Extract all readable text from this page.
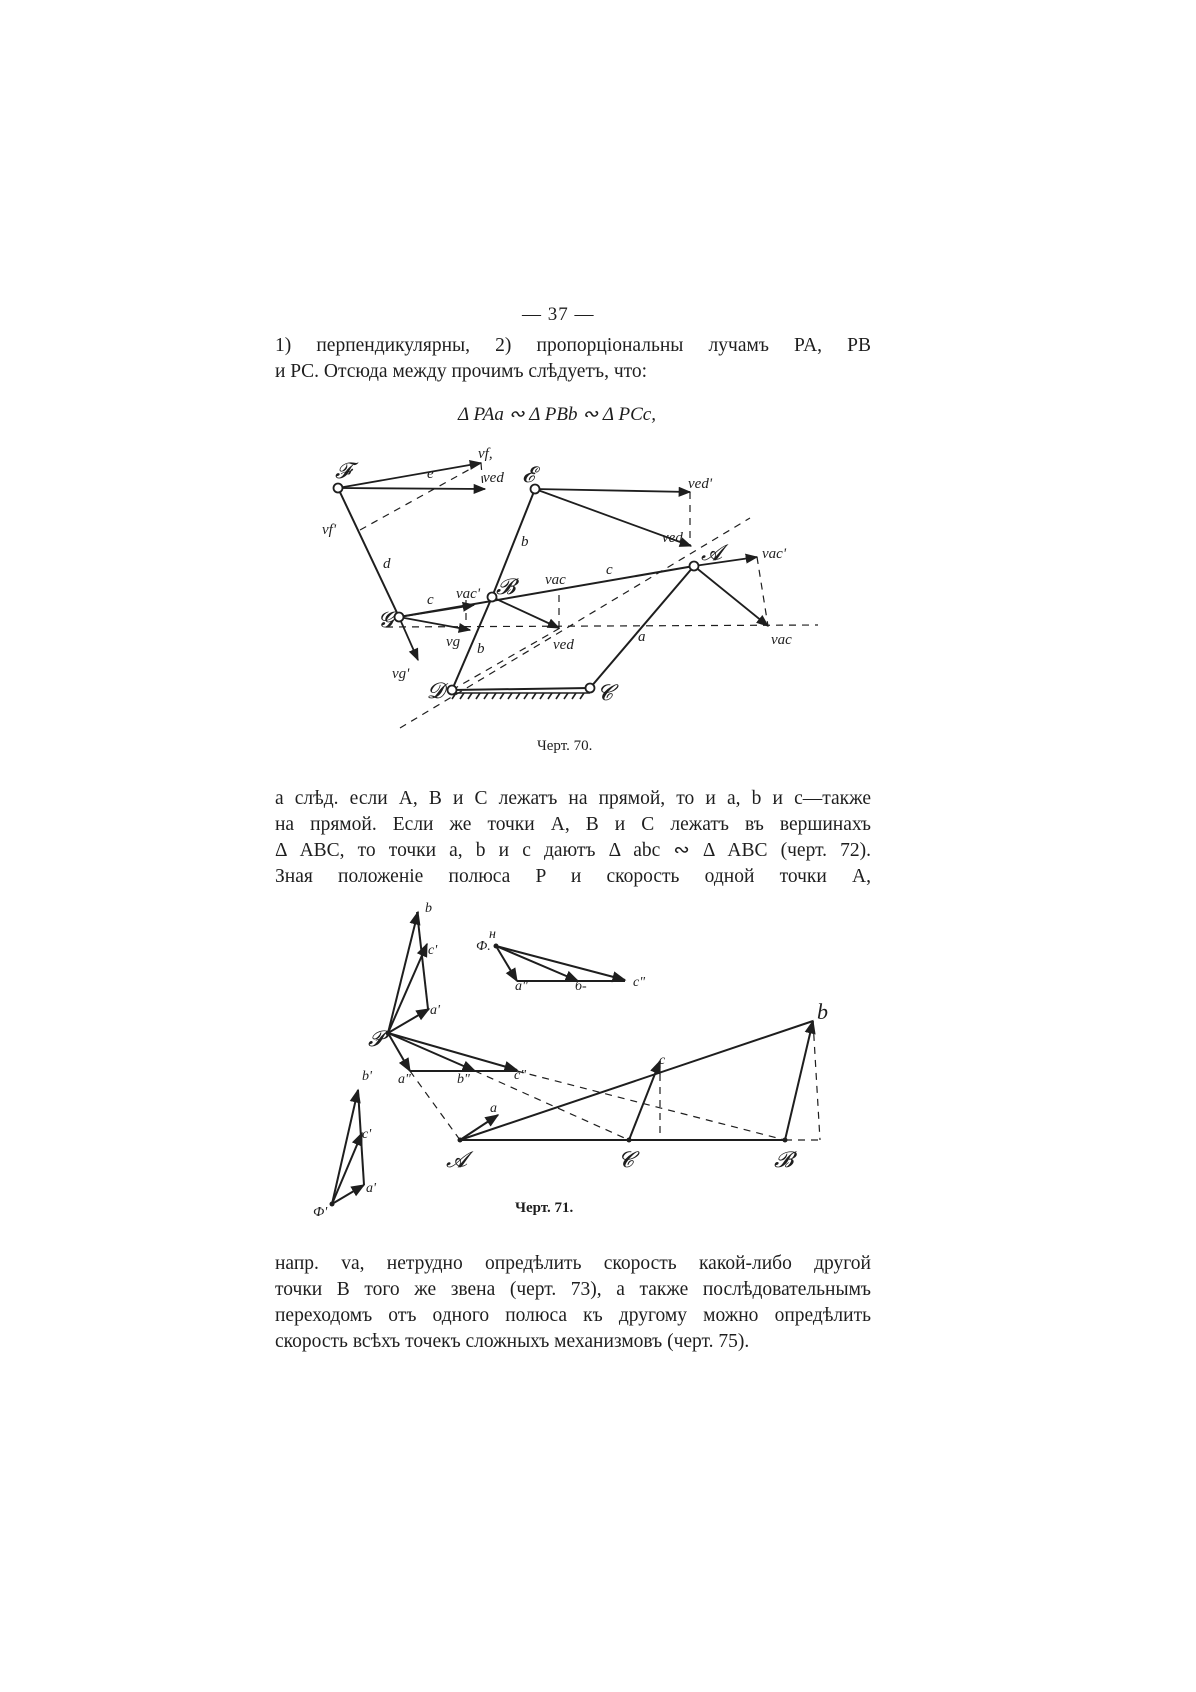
— 37 —
1) перпендикулярны, 2) пропорціональны лучамъ PA, PB
и PC. Отсюда между прочимъ слѣдуетъ, что:
Δ PAa ∾ Δ PBb ∾ Δ PCc,
𝓕	𝓔
𝓖
𝓑
𝓐
𝓓	𝓒
vf,
ved	ved'
vf'
e
d
b
b
c
c
a
vac'
vac'
vac
vac
ved
ved
vg
vg'
Черт. 70.
а слѣд. если A, B и C лежатъ на прямой, то и a, b и c—также
на прямой. Если же точки A, B и C лежатъ въ вершинахъ
Δ ABC, то точки a, b и c даютъ Δ abc ∾ Δ ABC (черт. 72).
Зная положеніе полюса P и скорость одной точки A,
𝓐	𝓒	𝓑
𝓟
b
Ф.
н
Ф'
b
c'
a'
a"	b"	c"
a
c
b'
c'
a'
a"	б-	c"
Черт. 71.
напр. va, нетрудно опредѣлить скорость какой-либо другой
точки B того же звена (черт. 73), а также послѣдовательнымъ
переходомъ отъ одного полюса къ другому можно опредѣлить
скорость всѣхъ точекъ сложныхъ механизмовъ (черт. 75).
